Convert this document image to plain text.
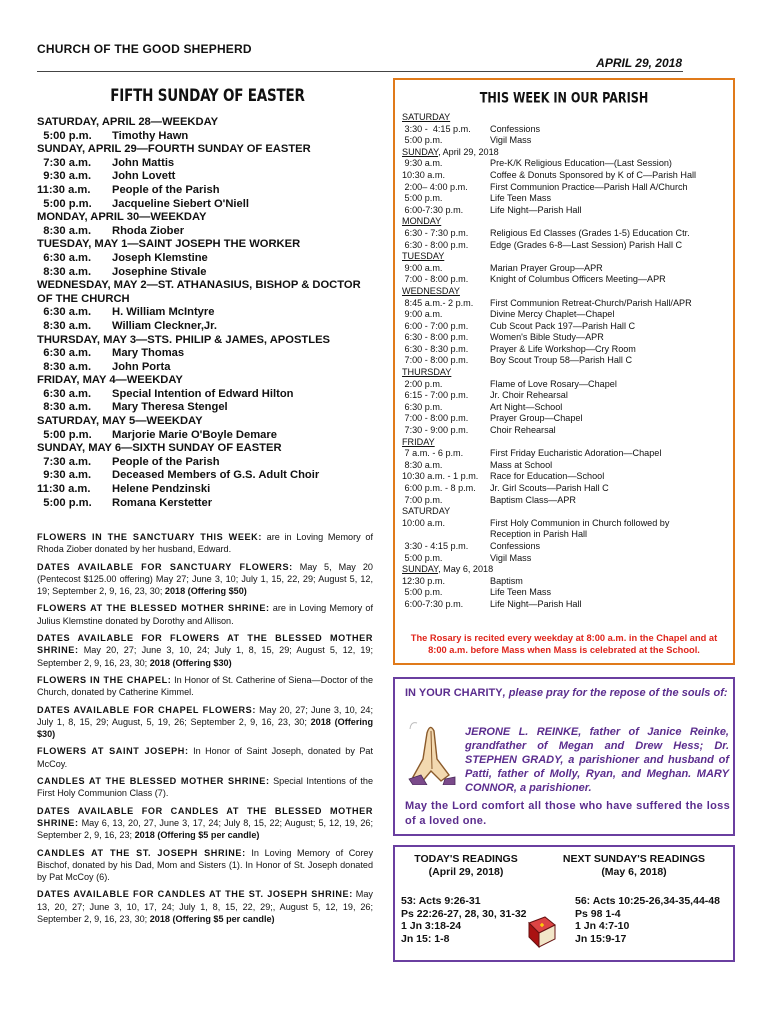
CHURCH OF THE GOOD SHEPHERD
APRIL 29, 2018
FIFTH SUNDAY OF EASTER
SATURDAY, APRIL 28—WEEKDAY
5:00 p.m.	Timothy Hawn
SUNDAY, APRIL 29—FOURTH SUNDAY OF EASTER
7:30 a.m.	John Mattis
9:30 a.m.	John Lovett
11:30 a.m.	People of the Parish
5:00 p.m.	Jacqueline Siebert O'Niell
MONDAY, APRIL 30—WEEKDAY
8:30 a.m.	Rhoda Ziober
TUESDAY, MAY 1—SAINT JOSEPH THE WORKER
6:30 a.m.	Joseph Klemstine
8:30 a.m.	Josephine Stivale
WEDNESDAY, MAY 2—ST. ATHANASIUS, BISHOP & DOCTOR OF THE CHURCH
6:30 a.m.	H. William McIntyre
8:30 a.m.	William Cleckner,Jr.
THURSDAY, MAY 3—STS. PHILIP & JAMES, APOSTLES
6:30 a.m.	Mary Thomas
8:30 a.m.	John Porta
FRIDAY, MAY 4—WEEKDAY
6:30 a.m.	Special Intention of Edward Hilton
8:30 a.m.	Mary Theresa Stengel
SATURDAY, MAY 5—WEEKDAY
5:00 p.m.	Marjorie Marie O'Boyle Demare
SUNDAY, MAY 6—SIXTH SUNDAY OF EASTER
7:30 a.m.	People of the Parish
9:30 a.m.	Deceased Members of G.S. Adult Choir
11:30 a.m.	Helene Pendzinski
5:00 p.m.	Romana Kerstetter
FLOWERS IN THE SANCTUARY THIS WEEK: are in Loving Memory of Rhoda Ziober donated by her husband, Edward.
DATES AVAILABLE FOR SANCTUARY FLOWERS: May 5, May 20 (Pentecost $125.00 offering) May 27; June 3, 10; July 1, 15, 22, 29; August 5, 12, 19; September 2, 9, 16, 23, 30; 2018 (Offering $50)
FLOWERS AT THE BLESSED MOTHER SHRINE: are in Loving Memory of Julius Klemstine donated by Dorothy and Allison.
DATES AVAILABLE FOR FLOWERS AT THE BLESSED MOTHER SHRINE: May 20, 27; June 3, 10, 24; July 1, 8, 15, 29; August 5, 12, 19; September 2, 9, 16, 23, 30; 2018 (Offering $30)
FLOWERS IN THE CHAPEL: In Honor of St. Catherine of Siena—Doctor of the Church, donated by Catherine Kimmel.
DATES AVAILABLE FOR CHAPEL FLOWERS: May 20, 27; June 3, 10, 24; July 1, 8, 15, 29; August, 5, 19, 26; September 2, 9, 16, 23, 30; 2018 (Offering $30)
FLOWERS AT SAINT JOSEPH: In Honor of Saint Joseph, donated by Pat McCoy.
CANDLES AT THE BLESSED MOTHER SHRINE: Special Intentions of the First Holy Communion Class (7).
DATES AVAILABLE FOR CANDLES AT THE BLESSED MOTHER SHRINE: May 6, 13, 20, 27, June 3, 17, 24; July 8, 15, 22; August; 5, 12, 19, 26; September 2, 9, 16, 23; 2018 (Offering $5 per candle)
CANDLES AT THE ST. JOSEPH SHRINE: In Loving Memory of Corey Bischof, donated by his Dad, Mom and Sisters (1). In Honor of St. Joseph donated by Pat McCoy (6).
DATES AVAILABLE FOR CANDLES AT THE ST. JOSEPH SHRINE: May 13, 20, 27; June 3, 10, 17, 24; July 1, 8, 15, 22, 29;, August 5, 12, 19, 26; September 2, 9, 16, 23, 30; 2018 (Offering $5 per candle)
THIS WEEK IN OUR PARISH
SATURDAY
3:30 -  4:15 p.m.	Confessions
5:00 p.m.	Vigil Mass
SUNDAY, April 29, 2018
9:30 a.m.	Pre-K/K Religious Education—(Last Session)
10:30 a.m.	Coffee & Donuts Sponsored by K of C—Parish Hall
2:00– 4:00 p.m.	First Communion Practice—Parish Hall A/Church
5:00 p.m.	Life Teen Mass
6:00-7:30 p.m.	Life Night—Parish Hall
MONDAY
6:30 - 7:30 p.m.	Religious Ed Classes (Grades 1-5) Education Ctr.
6:30 - 8:00 p.m.	Edge (Grades 6-8—Last Session) Parish Hall C
TUESDAY
9:00 a.m.	Marian Prayer Group—APR
7:00 - 8:00 p.m.	Knight of Columbus Officers Meeting—APR
WEDNESDAY
8:45 a.m.- 2 p.m.	First Communion Retreat-Church/Parish Hall/APR
9:00 a.m.	Divine Mercy Chaplet—Chapel
6:00 - 7:00 p.m.	Cub Scout Pack 197—Parish Hall C
6:30 - 8:00 p.m.	Women's Bible Study—APR
6:30 - 8:30 p.m.	Prayer & Life Workshop—Cry Room
7:00 - 8:00 p.m.	Boy Scout Troup 58—Parish Hall C
THURSDAY
2:00 p.m.	Flame of Love Rosary—Chapel
6:15 - 7:00 p.m.	Jr. Choir Rehearsal
6:30 p.m.	Art Night—School
7:00 - 8:00 p.m.	Prayer Group—Chapel
7:30 - 9:00 p.m.	Choir Rehearsal
FRIDAY
7 a.m. - 6 p.m.	First Friday Eucharistic Adoration—Chapel
8:30 a.m.	Mass at School
10:30 a.m. - 1 p.m.	Race for Education—School
6:00 p.m. - 8 p.m.	Jr. Girl Scouts—Parish Hall C
7:00 p.m.	Baptism Class—APR
SATURDAY
10:00 a.m.	First Holy Communion in Church followed by
Reception in Parish Hall
3:30 - 4:15 p.m.	Confessions
5:00 p.m.	Vigil Mass
SUNDAY, May 6, 2018
12:30 p.m.	Baptism
5:00 p.m.	Life Teen Mass
6:00-7:30 p.m.	Life Night—Parish Hall
The Rosary is recited every weekday at 8:00 a.m. in the Chapel and at 8:00 a.m. before Mass when Mass is celebrated at the School.
IN YOUR CHARITY, please pray for the repose of the souls of:
JERONE L. REINKE, father of Janice Reinke, grandfather of Megan and Drew Hess; Dr. STEPHEN GRADY, a parishioner and husband of Patti, father of Molly, Ryan, and Meghan. MARY CONNOR, a parishioner.
May the Lord comfort all those who have suffered the loss of a loved one.
TODAY'S READINGS
(April 29, 2018)
53: Acts 9:26-31
Ps 22:26-27, 28, 30, 31-32
1 Jn 3:18-24
Jn 15: 1-8
NEXT SUNDAY'S READINGS
(May 6, 2018)
56: Acts 10:25-26,34-35,44-48
Ps 98 1-4
1 Jn 4:7-10
Jn 15:9-17
